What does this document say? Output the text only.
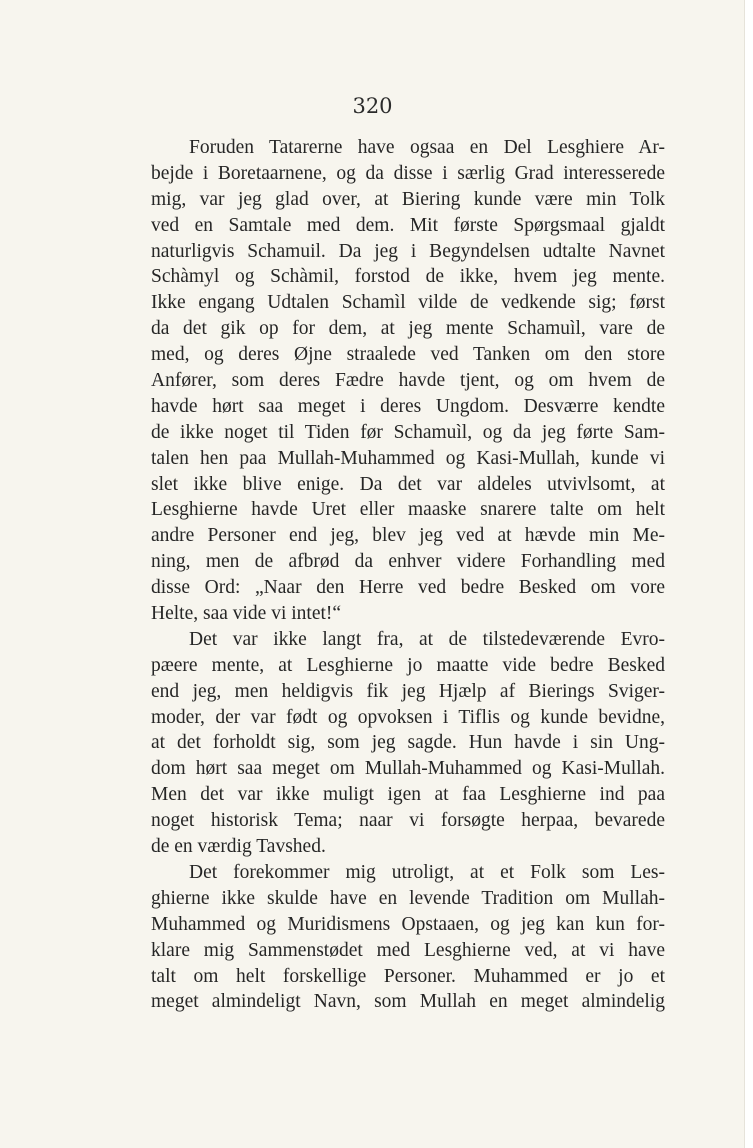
320
Foruden Tatarerne have ogsaa en Del Lesghiere Ar-
bejde i Boretaarnene, og da disse i særlig Grad interesserede
mig, var jeg glad over, at Biering kunde være min Tolk
ved en Samtale med dem. Mit første Spørgsmaal gjaldt
naturligvis Schamuil. Da jeg i Begyndelsen udtalte Navnet
Schàmyl og Schàmil, forstod de ikke, hvem jeg mente.
Ikke engang Udtalen Schamìl vilde de vedkende sig; først
da det gik op for dem, at jeg mente Schamuìl, vare de
med, og deres Øjne straalede ved Tanken om den store
Anfører, som deres Fædre havde tjent, og om hvem de
havde hørt saa meget i deres Ungdom. Desværre kendte
de ikke noget til Tiden før Schamuìl, og da jeg førte Sam-
talen hen paa Mullah-Muhammed og Kasi-Mullah, kunde vi
slet ikke blive enige. Da det var aldeles utvivlsomt, at
Lesghierne havde Uret eller maaske snarere talte om helt
andre Personer end jeg, blev jeg ved at hævde min Me-
ning, men de afbrød da enhver videre Forhandling med
disse Ord: „Naar den Herre ved bedre Besked om vore
Helte, saa vide vi intet!“
Det var ikke langt fra, at de tilstedeværende Evro-
pæere mente, at Lesghierne jo maatte vide bedre Besked
end jeg, men heldigvis fik jeg Hjælp af Bierings Sviger-
moder, der var født og opvoksen i Tiflis og kunde bevidne,
at det forholdt sig, som jeg sagde. Hun havde i sin Ung-
dom hørt saa meget om Mullah-Muhammed og Kasi-Mullah.
Men det var ikke muligt igen at faa Lesghierne ind paa
noget historisk Tema; naar vi forsøgte herpaa, bevarede
de en værdig Tavshed.
Det forekommer mig utroligt, at et Folk som Les-
ghierne ikke skulde have en levende Tradition om Mullah-
Muhammed og Muridismens Opstaaen, og jeg kan kun for-
klare mig Sammenstødet med Lesghierne ved, at vi have
talt om helt forskellige Personer. Muhammed er jo et
meget almindeligt Navn, som Mullah en meget almindelig
